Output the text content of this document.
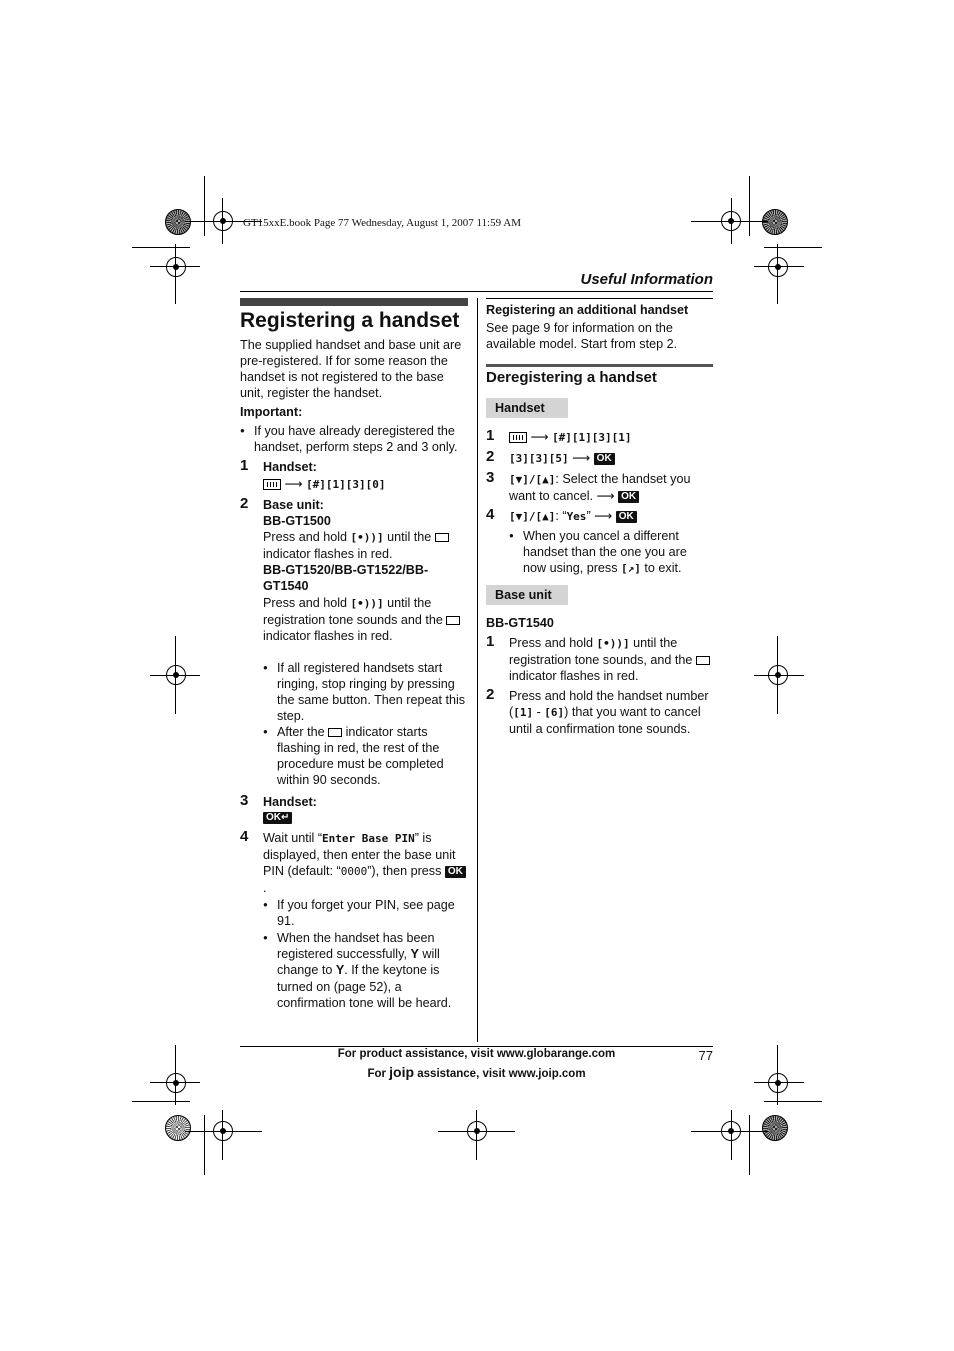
GT15xxE.book Page 77 Wednesday, August 1, 2007 11:59 AM
Useful Information
Registering a handset

The supplied handset and base unit are pre-registered. If for some reason the handset is not registered to the base unit, register the handset.

Important:

● If you have already deregistered the handset, perform steps 2 and 3 only.
1 Handset:
⟶ [#][1][3][0]
2 Base unit:
BB-GT1500
Press and hold [•))] until the  indicator flashes in red.
BB-GT1520/BB-GT1522/BB-GT1540
Press and hold [•))] until the registration tone sounds and the  indicator flashes in red.
● If all registered handsets start ringing, stop ringing by pressing the same button. Then repeat this step.
● After the  indicator starts flashing in red, the rest of the procedure must be completed within 90 seconds.
3 Handset:
OK↵
4 Wait until “Enter Base PIN” is displayed, then enter the base unit PIN (default: “0000”), then press OK.
● If you forget your PIN, see page 91.
● When the handset has been registered successfully, Y will change to Y. If the keytone is turned on (page 52), a confirmation tone will be heard.
Registering an additional handset
See page 9 for information on the available model. Start from step 2.
Deregistering a handset
Handset
1	⟶ [#][1][3][1]
2 [3][3][5] ⟶ OK
3 [▼]/[▲]: Select the handset you want to cancel. ⟶ OK
4 [▼]/[▲]: “Yes” ⟶ OK
● When you cancel a different handset than the one you are now using, press [↗] to exit.
Base unit
BB-GT1540
1 Press and hold [•))] until the registration tone sounds, and the  indicator flashes in red.
2 Press and hold the handset number ([1] - [6]) that you want to cancel until a confirmation tone sounds.
For product assistance, visit www.globarange.com
For joip assistance, visit www.joip.com
77
